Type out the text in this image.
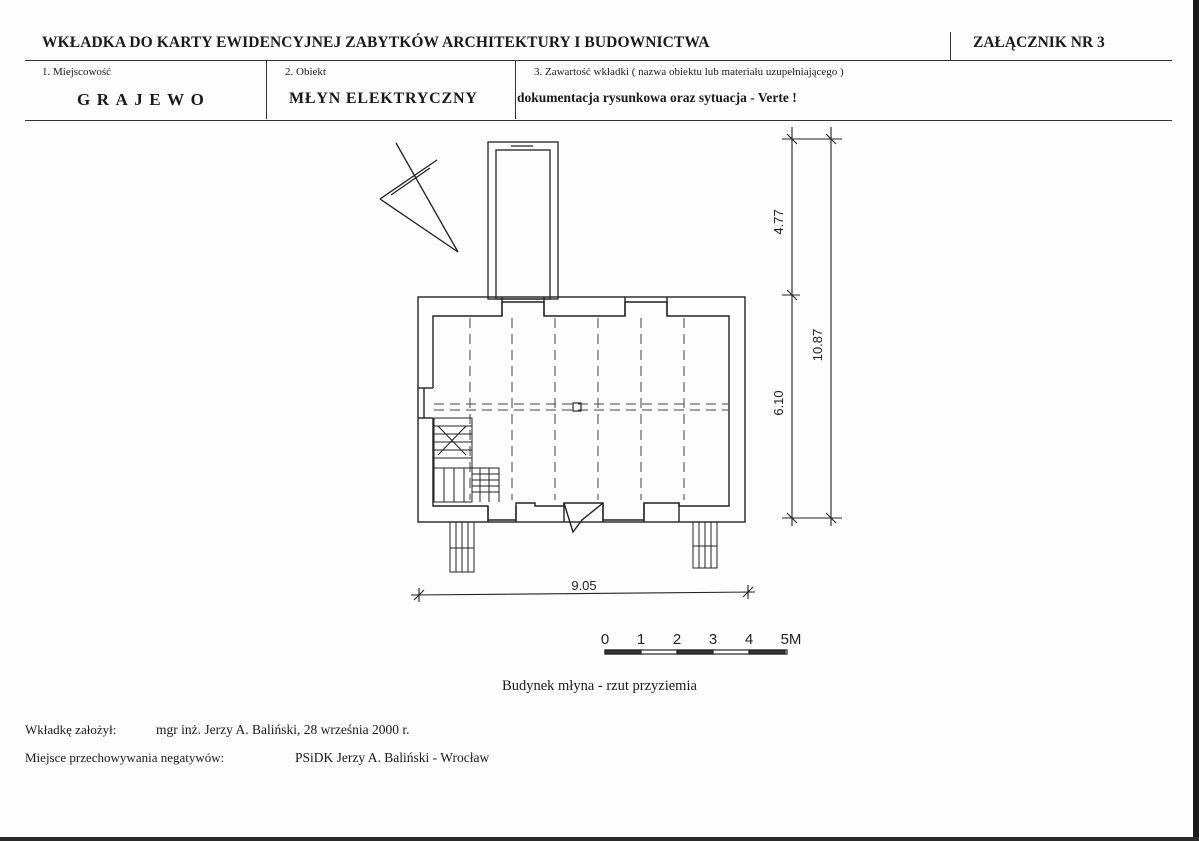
WKŁADKA DO KARTY EWIDENCYJNEJ ZABYTKÓW ARCHITEKTURY I BUDOWNICTWA	ZAŁĄCZNIK NR 3
1. Miejscowość
GRAJEWO
2. Obiekt
MŁYN ELEKTRYCZNY
3. Zawartość wkładki ( nazwa obiektu lub materiału uzupełniającego )
dokumentacja rysunkowa oraz sytuacja - Verte !
4.77
6.10
10.87
9.05
0 1 2 3 4 5M
Budynek młyna - rzut przyziemia
Wkładkę założył:	mgr inż. Jerzy A. Baliński, 28 września 2000 r.
Miejsce przechowywania negatywów:	PSiDK Jerzy A. Baliński - Wrocław
